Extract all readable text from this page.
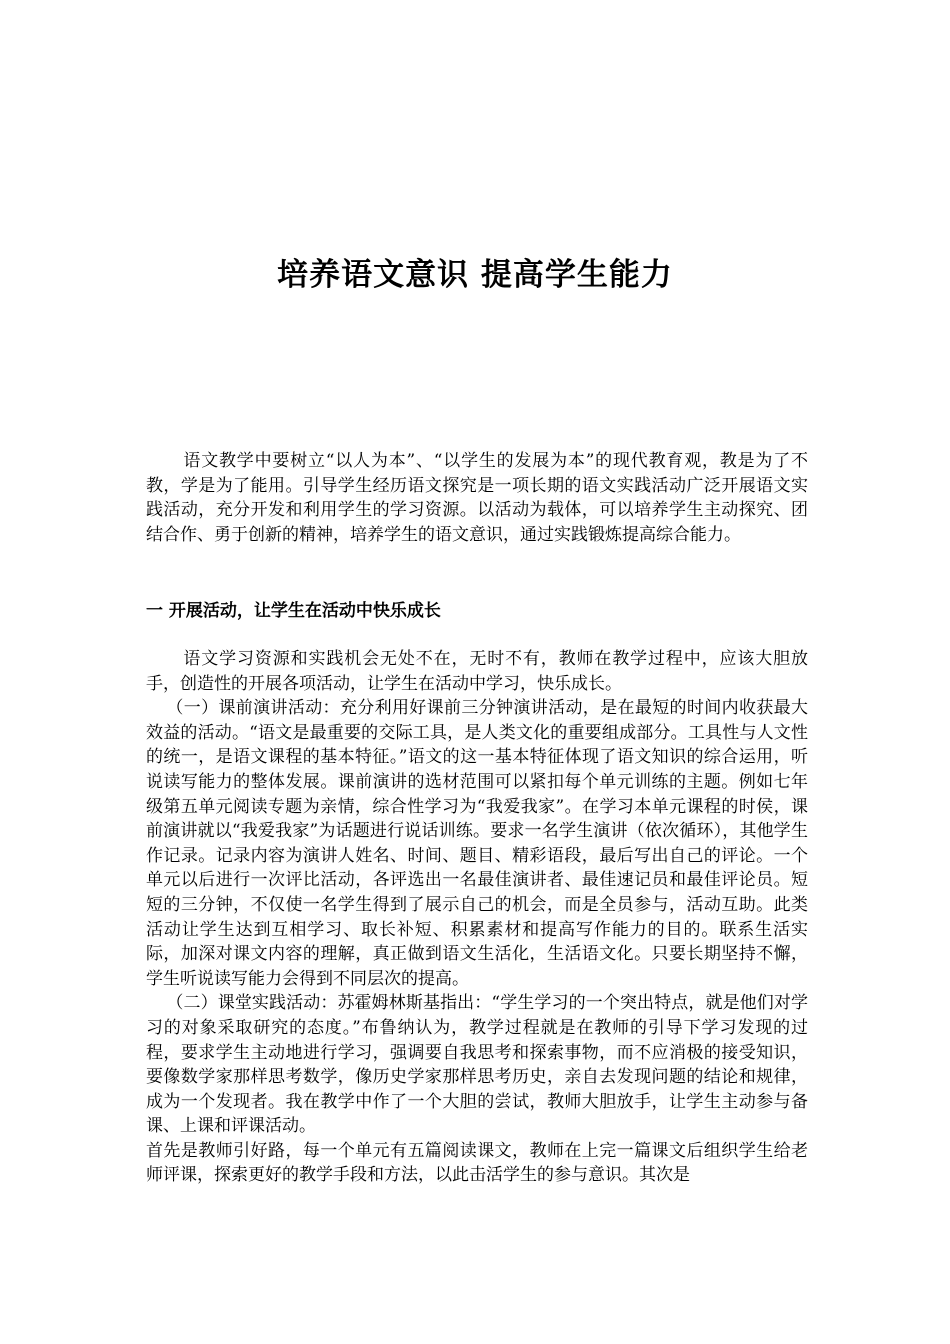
培养语文意识 提高学生能力

语文教学中要树立“以人为本”、“以学生的发展为本”的现代教育观，教是为了不教，学是为了能用。引导学生经历语文探究是一项长期的语文实践活动广泛开展语文实践活动，充分开发和利用学生的学习资源。以活动为载体，可以培养学生主动探究、团结合作、勇于创新的精神，培养学生的语文意识，通过实践锻炼提高综合能力。

一 开展活动，让学生在活动中快乐成长

语文学习资源和实践机会无处不在，无时不有，教师在教学过程中，应该大胆放手，创造性的开展各项活动，让学生在活动中学习，快乐成长。

（一）课前演讲活动：充分利用好课前三分钟演讲活动，是在最短的时间内收获最大效益的活动。“语文是最重要的交际工具，是人类文化的重要组成部分。工具性与人文性的统一，是语文课程的基本特征。”语文的这一基本特征体现了语文知识的综合运用，听说读写能力的整体发展。课前演讲的选材范围可以紧扣每个单元训练的主题。例如七年级第五单元阅读专题为亲情，综合性学习为“我爱我家”。在学习本单元课程的时侯，课前演讲就以“我爱我家”为话题进行说话训练。要求一名学生演讲（依次循环），其他学生作记录。记录内容为演讲人姓名、时间、题目、精彩语段，最后写出自己的评论。一个单元以后进行一次评比活动，各评选出一名最佳演讲者、最佳速记员和最佳评论员。短短的三分钟，不仅使一名学生得到了展示自己的机会，而是全员参与，活动互助。此类活动让学生达到互相学习、取长补短、积累素材和提高写作能力的目的。联系生活实际，加深对课文内容的理解，真正做到语文生活化，生活语文化。只要长期坚持不懈，学生听说读写能力会得到不同层次的提高。

（二）课堂实践活动：苏霍姆林斯基指出：“学生学习的一个突出特点，就是他们对学习的对象采取研究的态度。”布鲁纳认为，教学过程就是在教师的引导下学习发现的过程，要求学生主动地进行学习，强调要自我思考和探索事物，而不应消极的接受知识，要像数学家那样思考数学，像历史学家那样思考历史，亲自去发现问题的结论和规律，成为一个发现者。我在教学中作了一个大胆的尝试，教师大胆放手，让学生主动参与备课、上课和评课活动。

首先是教师引好路，每一个单元有五篇阅读课文，教师在上完一篇课文后组织学生给老师评课，探索更好的教学手段和方法，以此击活学生的参与意识。其次是
